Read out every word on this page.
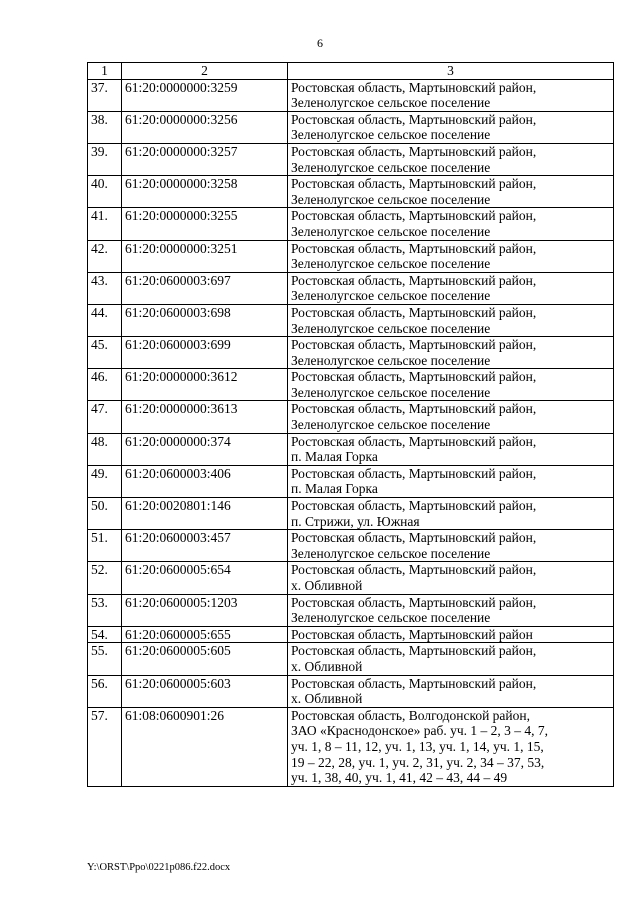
6
1	2	3
37.	61:20:0000000:3259	Ростовская область, Мартыновский район,
Зеленолугское сельское поселение

38.	61:20:0000000:3256	Ростовская область, Мартыновский район,
Зеленолугское сельское поселение

39.	61:20:0000000:3257	Ростовская область, Мартыновский район,
Зеленолугское сельское поселение

40.	61:20:0000000:3258	Ростовская область, Мартыновский район,
Зеленолугское сельское поселение

41.	61:20:0000000:3255	Ростовская область, Мартыновский район,
Зеленолугское сельское поселение

42.	61:20:0000000:3251	Ростовская область, Мартыновский район,
Зеленолугское сельское поселение

43.	61:20:0600003:697	Ростовская область, Мартыновский район,
Зеленолугское сельское поселение

44.	61:20:0600003:698	Ростовская область, Мартыновский район,
Зеленолугское сельское поселение

45.	61:20:0600003:699	Ростовская область, Мартыновский район,
Зеленолугское сельское поселение

46.	61:20:0000000:3612	Ростовская область, Мартыновский район,
Зеленолугское сельское поселение

47.	61:20:0000000:3613	Ростовская область, Мартыновский район,
Зеленолугское сельское поселение

48.	61:20:0000000:374	Ростовская область, Мартыновский район,
п. Малая Горка

49.	61:20:0600003:406	Ростовская область, Мартыновский район,
п. Малая Горка

50.	61:20:0020801:146	Ростовская область, Мартыновский район,
п. Стрижи, ул. Южная

51.	61:20:0600003:457	Ростовская область, Мартыновский район,
Зеленолугское сельское поселение

52.	61:20:0600005:654	Ростовская область, Мартыновский район,
х. Обливной

53.	61:20:0600005:1203	Ростовская область, Мартыновский район,
Зеленолугское сельское поселение

54.	61:20:0600005:655	Ростовская область, Мартыновский район

55.	61:20:0600005:605	Ростовская область, Мартыновский район,
х. Обливной

56.	61:20:0600005:603	Ростовская область, Мартыновский район,
х. Обливной

57.	61:08:0600901:26	Ростовская область, Волгодонской район,
ЗАО «Краснодонское» раб. уч. 1 – 2, 3 – 4, 7,
уч. 1, 8 – 11, 12, уч. 1, 13, уч. 1, 14, уч. 1, 15,
19 – 22, 28, уч. 1, уч. 2, 31, уч. 2, 34 – 37, 53,
уч. 1, 38, 40, уч. 1, 41, 42 – 43, 44 – 49
Y:\ORST\Ppo\0221p086.f22.docx
